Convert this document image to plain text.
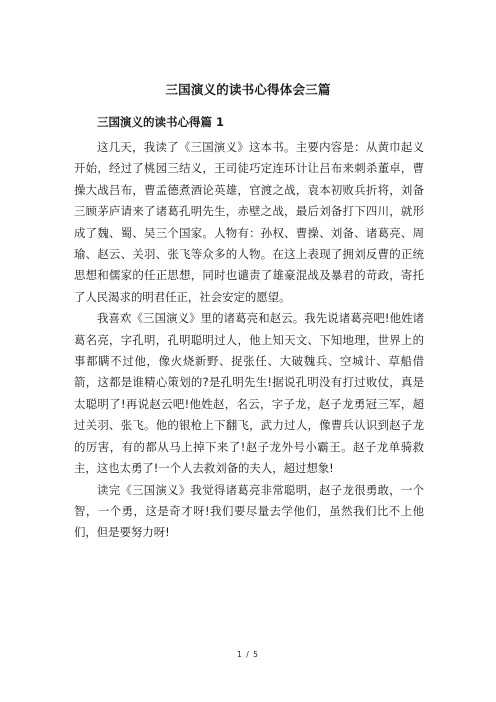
三国演义的读书心得体会三篇
三国演义的读书心得篇 1

这几天，我读了《三国演义》这本书。主要内容是：从黄巾起义开始，经过了桃园三结义，王司徒巧定连环计让吕布来刺杀董卓，曹操大战吕布，曹孟德煮酒论英雄，官渡之战，袁本初败兵折将，刘备三顾茅庐请来了诸葛孔明先生，赤壁之战，最后刘备打下四川，就形成了魏、蜀、吴三个国家。人物有：孙权、曹操、刘备、诸葛亮、周瑜、赵云、关羽、张飞等众多的人物。在这上表现了拥刘反曹的正统思想和儒家的任正思想，同时也谴责了雄豪混战及暴君的苛政，寄托了人民渴求的明君任正，社会安定的愿望。

我喜欢《三国演义》里的诸葛亮和赵云。我先说诸葛亮吧!他姓诸葛名亮，字孔明，孔明聪明过人，他上知天文、下知地理，世界上的事都瞒不过他，像火烧新野、捉张任、大破魏兵、空城计、草船借箭，这都是谁精心策划的?是孔明先生!据说孔明没有打过败仗，真是太聪明了!再说赵云吧!他姓赵，名云，字子龙，赵子龙勇冠三军，超过关羽、张飞。他的银枪上下翻飞，武力过人，像曹兵认识到赵子龙的厉害，有的都从马上掉下来了!赵子龙外号小霸王。赵子龙单骑救主，这也太勇了!一个人去救刘备的夫人，超过想象!

读完《三国演义》我觉得诸葛亮非常聪明，赵子龙很勇敢，一个智，一个勇，这是奇才呀!我们要尽量去学他们，虽然我们比不上他们，但是要努力呀!

1 / 5
